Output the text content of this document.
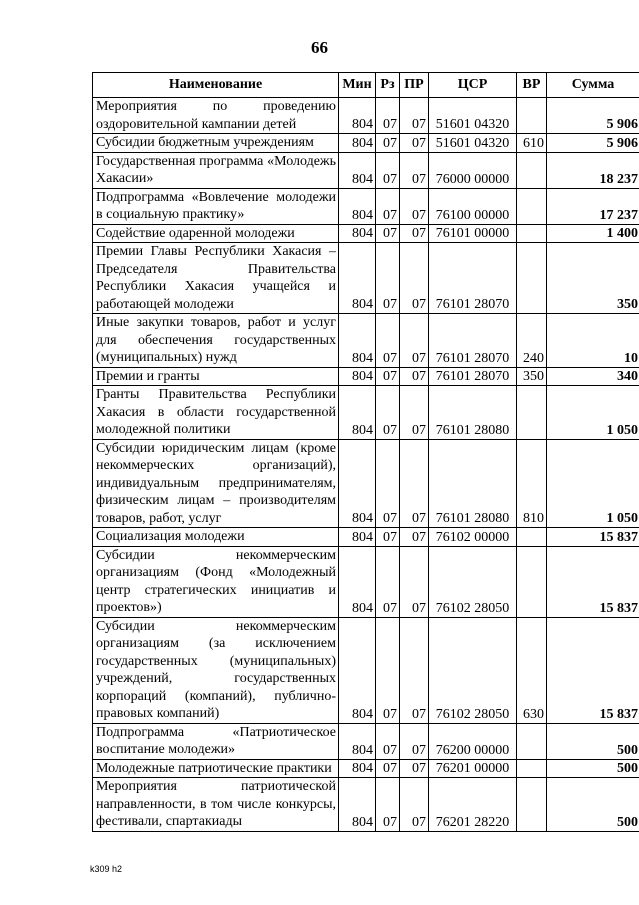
66
Наименование	Мин	Рз	ПР	ЦСР	ВР	Сумма
Мероприятия по проведению оздоровительной кампании детей	804	07	07	51601 04320		5 906
Субсидии бюджетным учреждениям	804	07	07	51601 04320	610	5 906
Государственная программа «Молодежь Хакасии»	804	07	07	76000 00000		18 237
Подпрограмма «Вовлечение молодежи в социальную практику»	804	07	07	76100 00000		17 237
Содействие одаренной молодежи	804	07	07	76101 00000		1 400
Премии Главы Республики Хакасия – Председателя Правительства Республики Хакасия учащейся и работающей молодежи	804	07	07	76101 28070		350
Иные закупки товаров, работ и услуг для обеспечения государственных (муниципальных) нужд	804	07	07	76101 28070	240	10
Премии и гранты	804	07	07	76101 28070	350	340
Гранты Правительства Республики Хакасия в области государственной молодежной политики	804	07	07	76101 28080		1 050
Субсидии юридическим лицам (кроме некоммерческих организаций), индивидуальным предпринимателям, физическим лицам – производителям товаров, работ, услуг	804	07	07	76101 28080	810	1 050
Социализация молодежи	804	07	07	76102 00000		15 837
Субсидии некоммерческим организациям (Фонд «Молодежный центр стратегических инициатив и проектов»)	804	07	07	76102 28050		15 837
Субсидии некоммерческим организациям (за исключением государственных (муниципальных) учреждений, государственных корпораций (компаний), публично-правовых компаний)	804	07	07	76102 28050	630	15 837
Подпрограмма «Патриотическое воспитание молодежи»	804	07	07	76200 00000		500
Молодежные патриотические практики	804	07	07	76201 00000		500
Мероприятия патриотической направленности, в том числе конкурсы, фестивали, спартакиады	804	07	07	76201 28220		500
k309 h2
